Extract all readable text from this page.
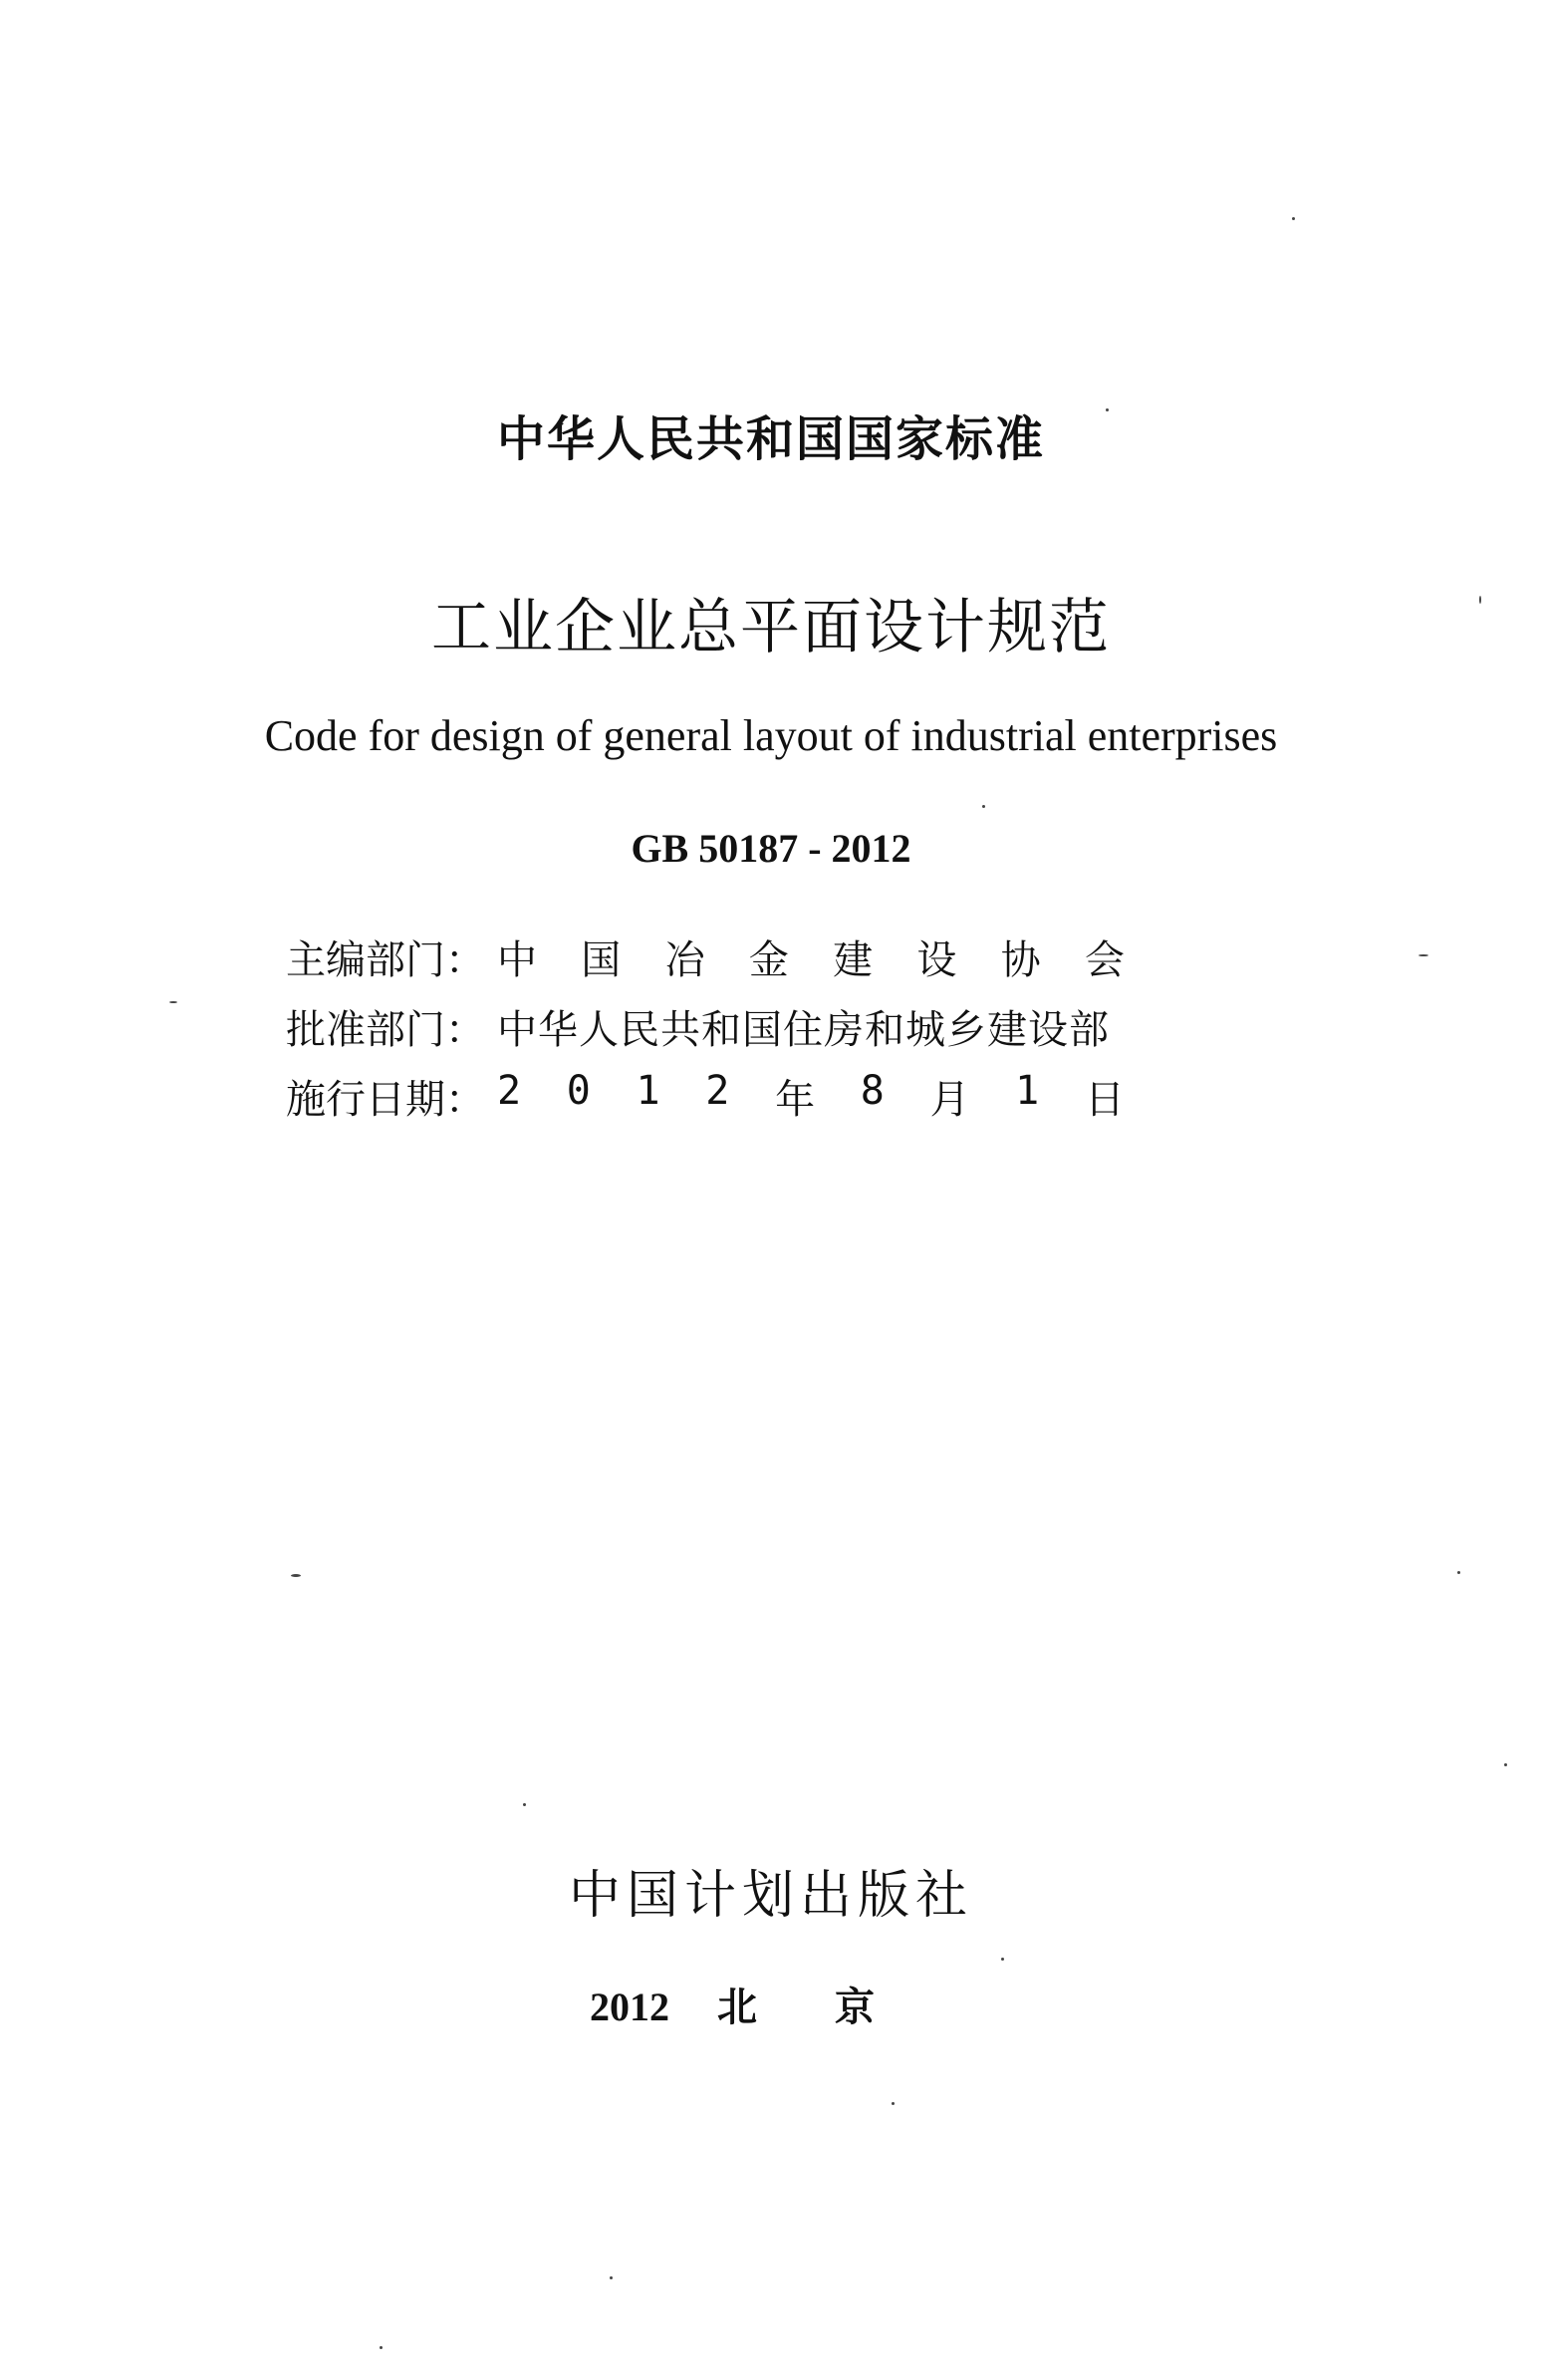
中华人民共和国国家标准
工业企业总平面设计规范
Code for design of general layout of industrial enterprises
GB 50187 - 2012
主编部门： 中 国 冶 金 建 设 协 会
批准部门： 中华人民共和国住房和城乡建设部
施行日期： 2 0 1 2 年 8 月 1 日
中国计划出版社
2012 北京
